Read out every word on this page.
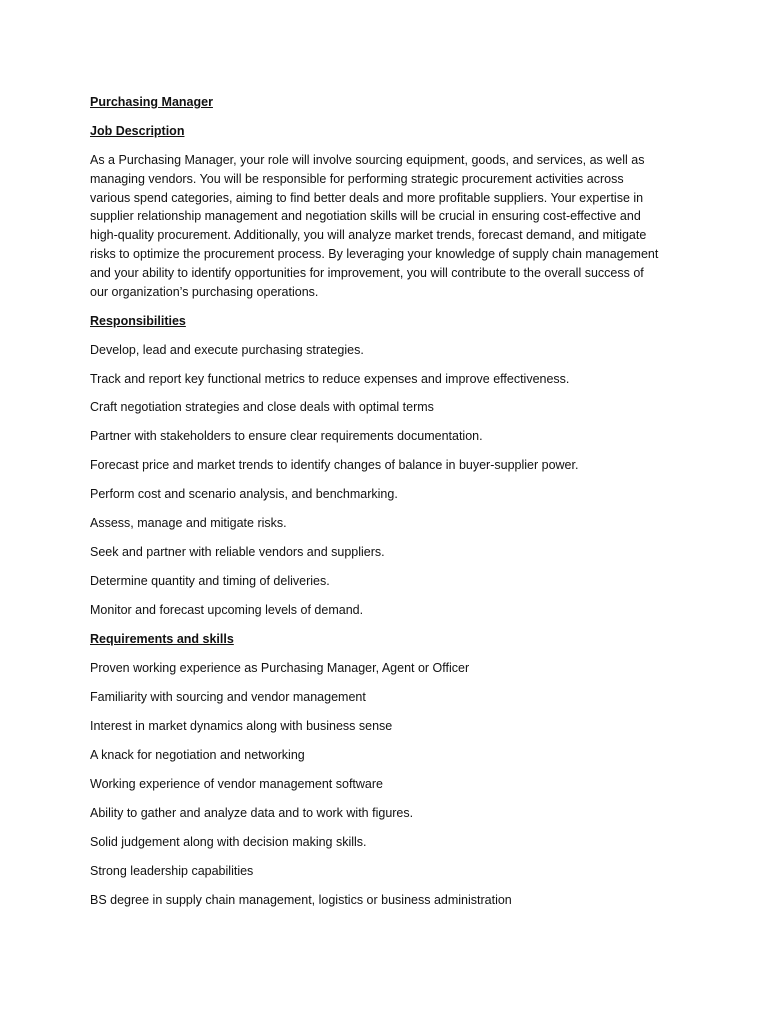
Purchasing Manager
Job Description
As a Purchasing Manager, your role will involve sourcing equipment, goods, and services, as well as
managing vendors. You will be responsible for performing strategic procurement activities across
various spend categories, aiming to find better deals and more profitable suppliers. Your expertise in
supplier relationship management and negotiation skills will be crucial in ensuring cost-effective and
high-quality procurement. Additionally, you will analyze market trends, forecast demand, and mitigate
risks to optimize the procurement process. By leveraging your knowledge of supply chain management
and your ability to identify opportunities for improvement, you will contribute to the overall success of
our organization’s purchasing operations.
Responsibilities
Develop, lead and execute purchasing strategies.
Track and report key functional metrics to reduce expenses and improve effectiveness.
Craft negotiation strategies and close deals with optimal terms
Partner with stakeholders to ensure clear requirements documentation.
Forecast price and market trends to identify changes of balance in buyer-supplier power.
Perform cost and scenario analysis, and benchmarking.
Assess, manage and mitigate risks.
Seek and partner with reliable vendors and suppliers.
Determine quantity and timing of deliveries.
Monitor and forecast upcoming levels of demand.
Requirements and skills
Proven working experience as Purchasing Manager, Agent or Officer
Familiarity with sourcing and vendor management
Interest in market dynamics along with business sense
A knack for negotiation and networking
Working experience of vendor management software
Ability to gather and analyze data and to work with figures.
Solid judgement along with decision making skills.
Strong leadership capabilities
BS degree in supply chain management, logistics or business administration
